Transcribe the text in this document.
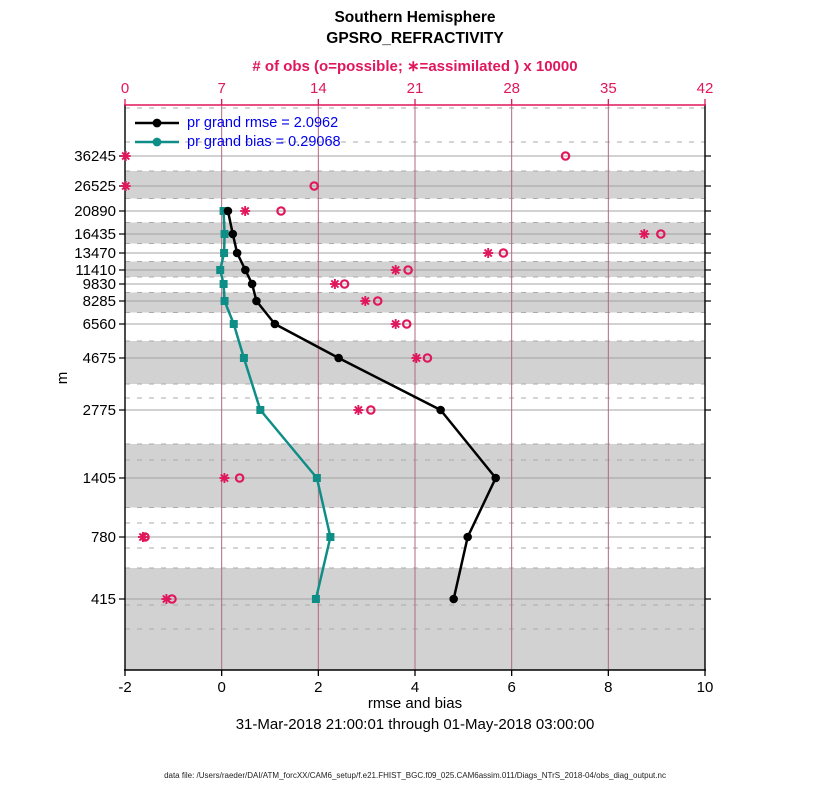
Southern Hemisphere
GPSRO_REFRACTIVITY
# of obs (o=possible; ∗=assimilated ) x 10000
-2	0	2	4	6	8	10
0	7	14	21	28	35	42
36245
26525
20890
16435
13470
11410
9830
8285
6560
4675
2775
1405
780
415
pr grand rmse = 2.0962
pr grand bias = 0.29068
rmse and bias
31-Mar-2018 21:00:01 through 01-May-2018 03:00:00
m
data file: /Users/raeder/DAI/ATM_forcXX/CAM6_setup/f.e21.FHIST_BGC.f09_025.CAM6assim.011/Diags_NTrS_2018-04/obs_diag_output.nc
